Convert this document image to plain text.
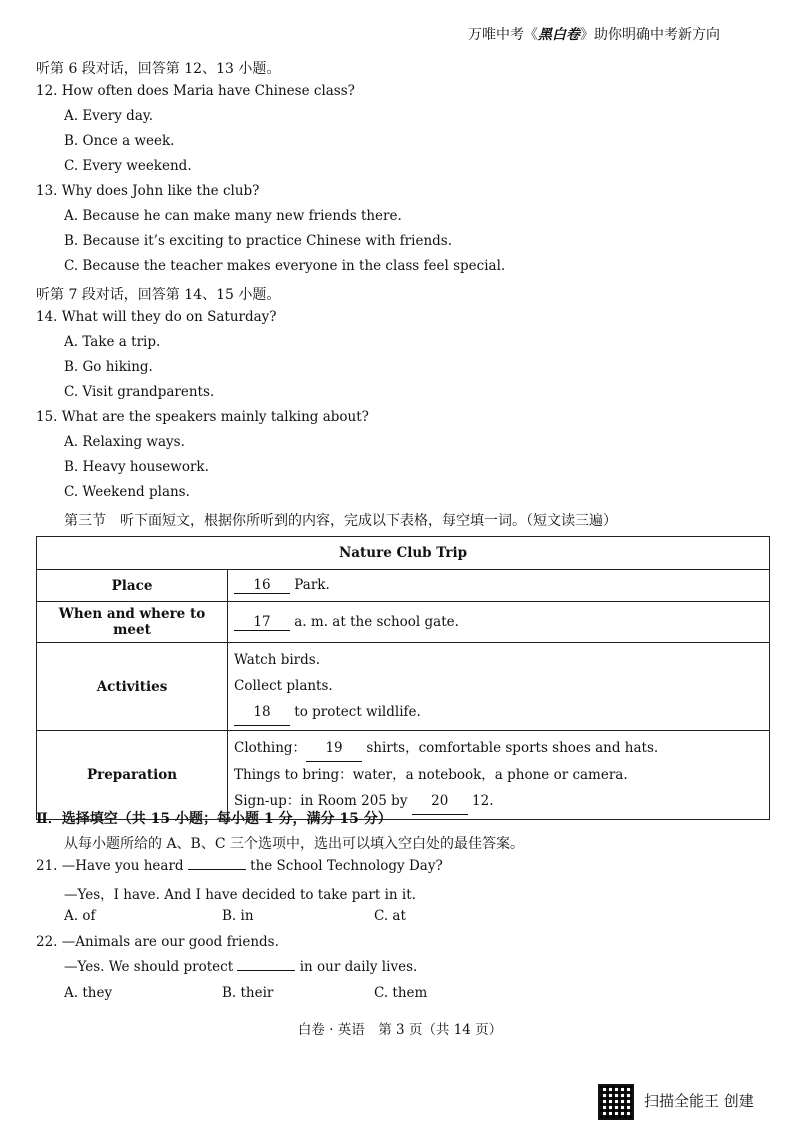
万唯中考《黑白卷》助你明确中考新方向
听第 6 段对话，回答第 12、13 小题。
12. How often does Maria have Chinese class?
A. Every day.
B. Once a week.
C. Every weekend.
13. Why does John like the club?
A. Because he can make many new friends there.
B. Because it’s exciting to practice Chinese with friends.
C. Because the teacher makes everyone in the class feel special.
听第 7 段对话，回答第 14、15 小题。
14. What will they do on Saturday?
A. Take a trip.
B. Go hiking.
C. Visit grandparents.
15. What are the speakers mainly talking about?
A. Relaxing ways.
B. Heavy housework.
C. Weekend plans.
第三节　听下面短文，根据你所听到的内容，完成以下表格，每空填一词。（短文读三遍）
Nature Club Trip	
Place	16 Park.
When and where to meet	17 a. m. at the school gate.
Activities	Watch birds.
Collect plants.
18 to protect wildlife.

Preparation	Clothing： 19 shirts，comfortable sports shoes and hats.
Things to bring：water，a notebook，a phone or camera.
Sign-up：in Room 205 by 20 12.
Ⅱ．选择填空（共 15 小题；每小题 1 分，满分 15 分）
从每小题所给的 A、B、C 三个选项中，选出可以填入空白处的最佳答案。
21. —Have you heard	the School Technology Day?
—Yes，I have. And I have decided to take part in it.
A. of	B. in	C. at
22. —Animals are our good friends.
—Yes. We should protect	in our daily lives.
A. they	B. their	C. them
白卷 · 英语　第 3 页（共 14 页）
扫描全能王 创建
